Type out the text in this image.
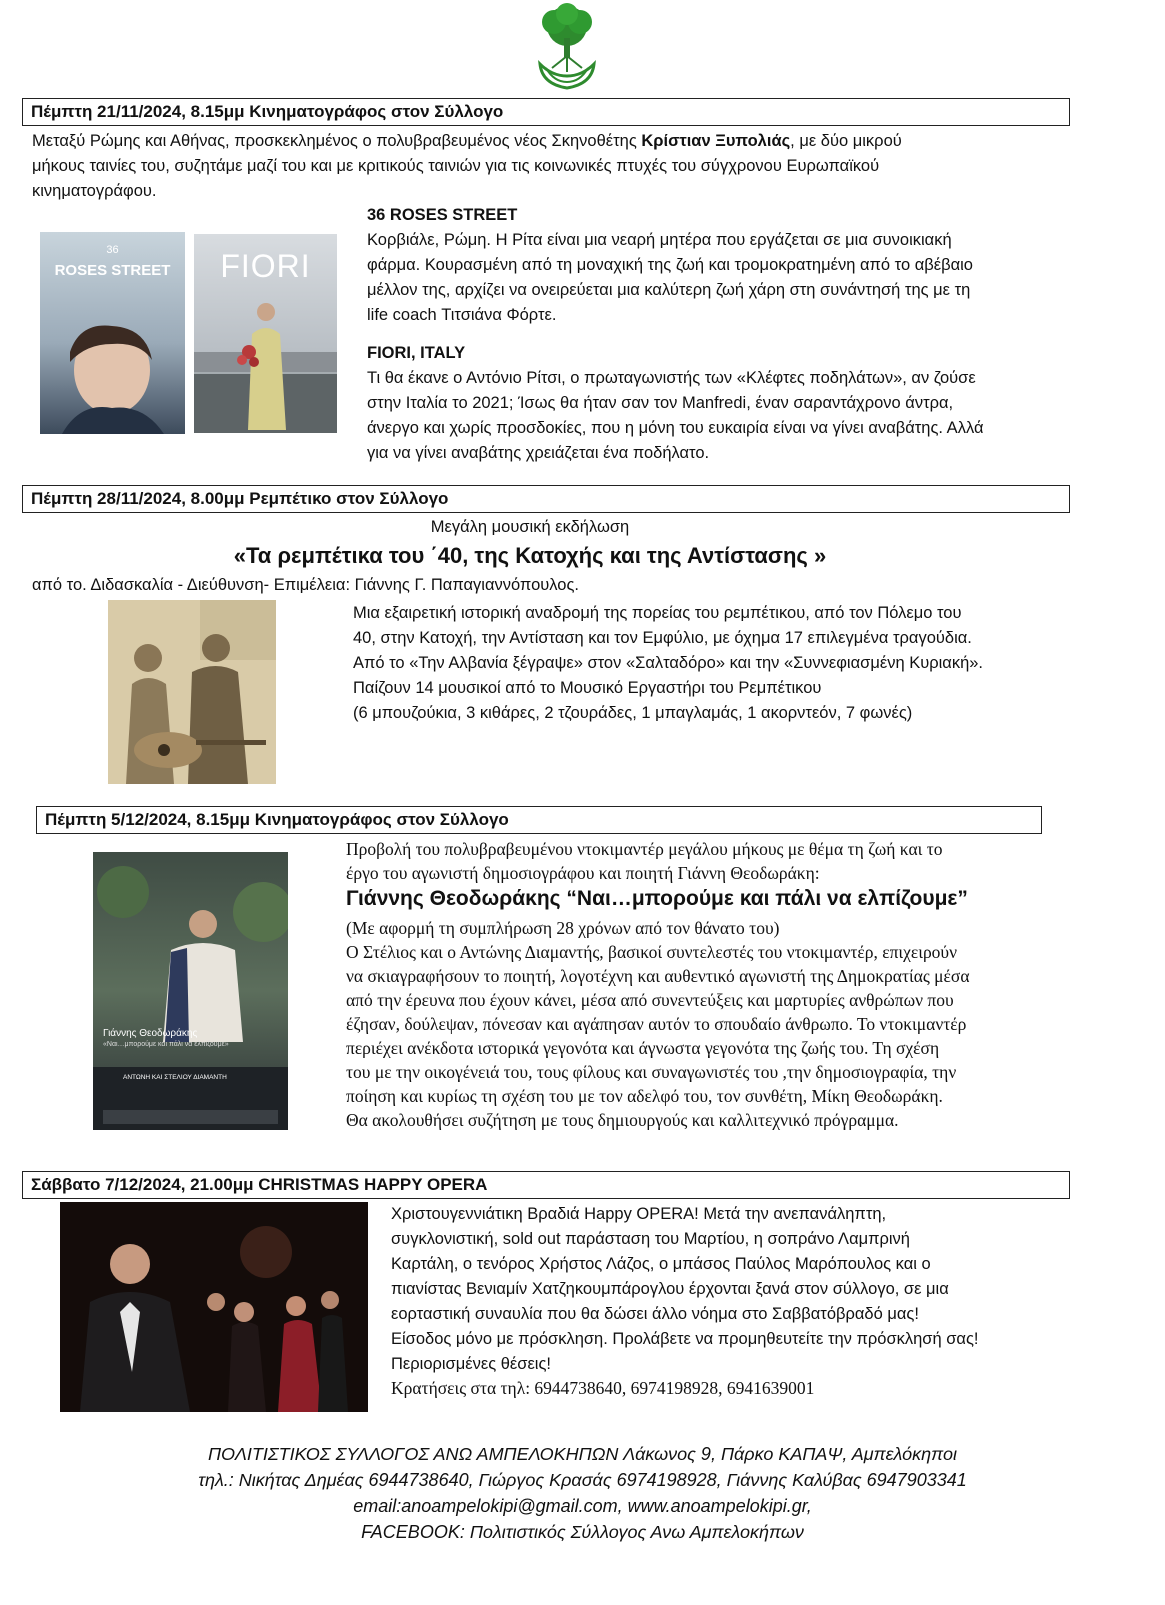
Πέμπτη 21/11/2024, 8.15μμ Κινηματογράφος στον Σύλλογο
Μεταξύ Ρώμης και Αθήνας, προσκεκλημένος ο πολυβραβευμένος νέος Σκηνοθέτης Κρίστιαν Ξυπολιάς, με δύο μικρού
μήκους ταινίες του, συζητάμε μαζί του και με κριτικούς ταινιών για τις κοινωνικές πτυχές του σύγχρονου Ευρωπαϊκού
κινηματογράφου.
36
ROSES STREET	FIORI
36 ROSES STREET
Κορβιάλε, Ρώμη. Η Ρίτα είναι μια νεαρή μητέρα που εργάζεται σε μια συνοικιακή
φάρμα. Κουρασμένη από τη μοναχική της ζωή και τρομοκρατημένη από το αβέβαιο
μέλλον της, αρχίζει να ονειρεύεται μια καλύτερη ζωή χάρη στη συνάντησή της με τη
life coach Τιτσιάνα Φόρτε.
FIORI, ITALY
Τι θα έκανε ο Αντόνιο Ρίτσι, ο πρωταγωνιστής των «Κλέφτες ποδηλάτων», αν ζούσε
στην Ιταλία το 2021; Ίσως θα ήταν σαν τον Manfredi, έναν σαραντάχρονο άντρα,
άνεργο και χωρίς προσδοκίες, που η μόνη του ευκαιρία είναι να γίνει αναβάτης. Αλλά
για να γίνει αναβάτης χρειάζεται ένα ποδήλατο.
Πέμπτη 28/11/2024, 8.00μμ Ρεμπέτικο στον Σύλλογο
Μεγάλη μουσική εκδήλωση
«Τα ρεμπέτικα του ΄40, της Κατοχής και της Αντίστασης »
από το. Διδασκαλία - Διεύθυνση- Επιμέλεια: Γιάννης Γ. Παπαγιαννόπουλος.
Μια εξαιρετική ιστορική αναδρομή της πορείας του ρεμπέτικου, από τον Πόλεμο του
40, στην Κατοχή, την Αντίσταση και τον Εμφύλιο, με όχημα 17 επιλεγμένα τραγούδια.
Από το «Την Αλβανία ξέγραψε» στον «Σαλταδόρο» και την «Συννεφιασμένη Κυριακή».
Παίζουν 14 μουσικοί από το Μουσικό Εργαστήρι του Ρεμπέτικου
(6 μπουζούκια, 3 κιθάρες, 2 τζουράδες, 1 μπαγλαμάς, 1 ακορντεόν, 7 φωνές)
Πέμπτη 5/12/2024, 8.15μμ Κινηματογράφος στον Σύλλογο
Γιάννης Θεοδωράκης
«Ναι…μπορούμε και πάλι να ελπίζουμε»
ΑΝΤΩΝΗ ΚΑΙ ΣΤΕΛΙΟΥ ΔΙΑΜΑΝΤΗ
Προβολή του πολυβραβευμένου ντοκιμαντέρ μεγάλου μήκους με θέμα τη ζωή και το
έργο του αγωνιστή δημοσιογράφου και ποιητή Γιάννη Θεοδωράκη:
Γιάννης Θεοδωράκης “Ναι…μπορούμε και πάλι να ελπίζουμε”
(Με αφορμή τη συμπλήρωση 28 χρόνων από τον θάνατο του)
Ο Στέλιος και ο Αντώνης Διαμαντής, βασικοί συντελεστές του ντοκιμαντέρ, επιχειρούν
να σκιαγραφήσουν το ποιητή, λογοτέχνη και αυθεντικό αγωνιστή της Δημοκρατίας μέσα
από την έρευνα που έχουν κάνει, μέσα από συνεντεύξεις και μαρτυρίες ανθρώπων που
έζησαν, δούλεψαν, πόνεσαν και αγάπησαν αυτόν το σπουδαίο άνθρωπο. Το ντοκιμαντέρ
περιέχει ανέκδοτα ιστορικά γεγονότα και άγνωστα γεγονότα της ζωής του. Τη σχέση
του με την οικογένειά του, τους φίλους και συναγωνιστές του ,την δημοσιογραφία, την
ποίηση και κυρίως τη σχέση του με τον αδελφό του, τον συνθέτη, Μίκη Θεοδωράκη.
Θα ακολουθήσει συζήτηση με τους δημιουργούς και καλλιτεχνικό πρόγραμμα.
Σάββατο 7/12/2024, 21.00μμ CHRISTMAS HAPPY OPERA
Χριστουγεννιάτικη Βραδιά Happy OPERA! Μετά την ανεπανάληπτη,
συγκλονιστική, sold out παράσταση του Μαρτίου, η σοπράνο Λαμπρινή
Καρτάλη, ο τενόρος Χρήστος Λάζος, ο μπάσος Παύλος Μαρόπουλος και ο
πιανίστας Βενιαμίν Χατζηκουμπάρογλου έρχονται ξανά στον σύλλογο, σε μια
εορταστική συναυλία που θα δώσει άλλο νόημα στο Σαββατόβραδό μας!
Είσοδος μόνο με πρόσκληση. Προλάβετε να προμηθευτείτε την πρόσκλησή σας!
Περιορισμένες θέσεις!
Κρατήσεις στα τηλ: 6944738640, 6974198928, 6941639001
ΠΟΛΙΤΙΣΤΙΚΟΣ ΣΥΛΛΟΓΟΣ ΑΝΩ ΑΜΠΕΛΟΚΗΠΩΝ Λάκωνος 9, Πάρκο ΚΑΠΑΨ, Αμπελόκηποι
τηλ.: Νικήτας Δημέας 6944738640, Γιώργος Κρασάς 6974198928, Γιάννης Καλύβας 6947903341
email:anoampelokipi@gmail.com, www.anoampelokipi.gr,
FACEBOOK: Πολιτιστικός Σύλλογος Ανω Αμπελοκήπων
